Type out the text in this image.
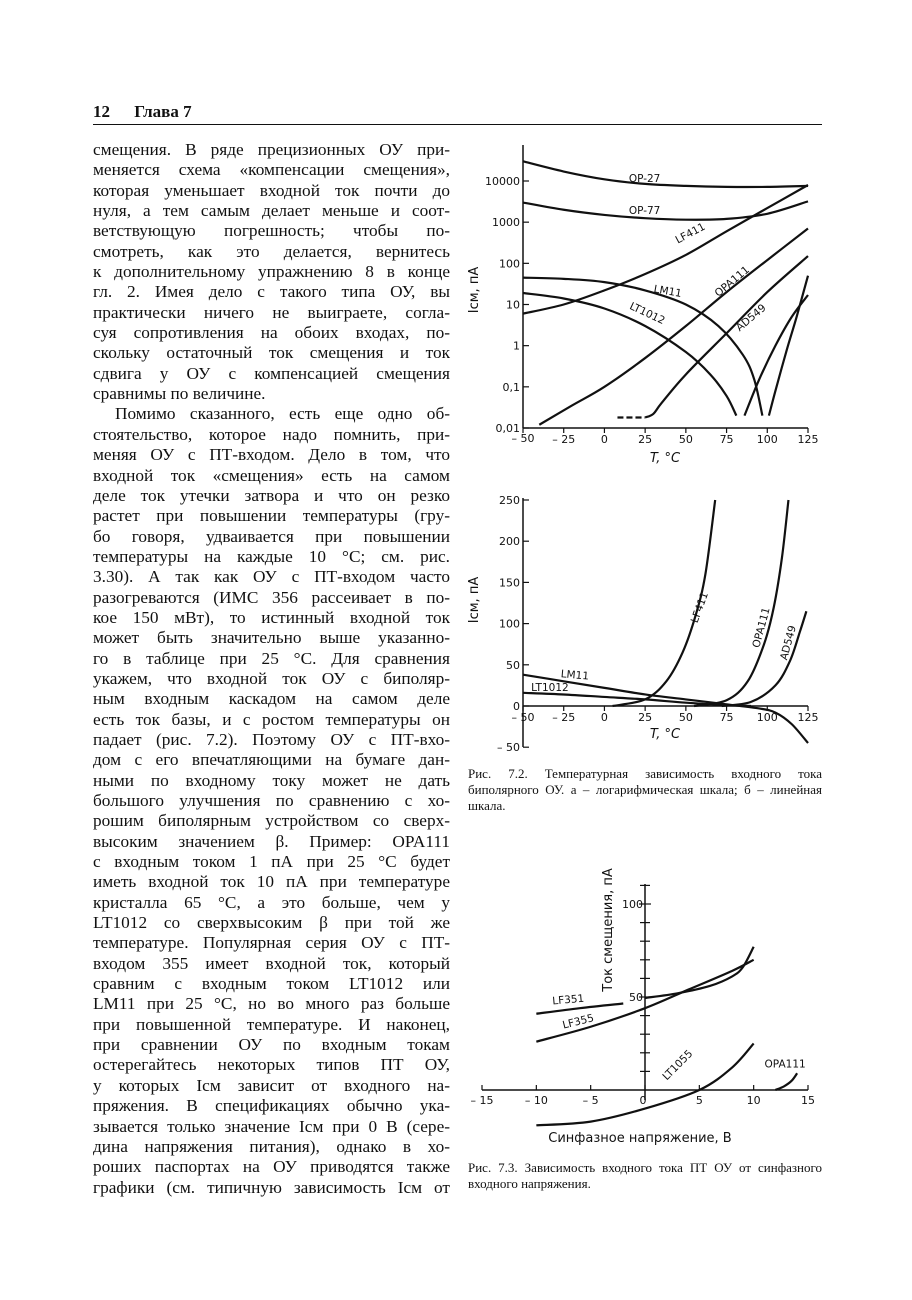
12 Глава 7
смещения. В ряде прецизионных ОУ при-
меняется схема «компенсации смещения»,
которая уменьшает входной ток почти до
нуля, а тем самым делает меньше и соот-
ветствующую погрешность; чтобы по-
смотреть, как это делается, вернитесь
к дополнительному упражнению 8 в конце
гл. 2. Имея дело с такого типа ОУ, вы
практически ничего не выиграете, согла-
суя сопротивления на обоих входах, по-
скольку остаточный ток смещения и ток
сдвига у ОУ с компенсацией смещения
сравнимы по величине.
Помимо сказанного, есть еще одно об-
стоятельство, которое надо помнить, при-
меняя ОУ с ПТ-входом. Дело в том, что
входной ток «смещения» есть на самом
деле ток утечки затвора и что он резко
растет при повышении температуры (гру-
бо говоря, удваивается при повышении
температуры на каждые 10 °C; см. рис.
3.30). А так как ОУ с ПТ-входом часто
разогреваются (ИМС 356 рассеивает в по-
кое 150 мВт), то истинный входной ток
может быть значительно выше указанно-
го в таблице при 25 °C. Для сравнения
укажем, что входной ток ОУ с биполяр-
ным входным каскадом на самом деле
есть ток базы, и с ростом температуры он
падает (рис. 7.2). Поэтому ОУ с ПТ-вхо-
дом с его впечатляющими на бумаге дан-
ными по входному току может не дать
большого улучшения по сравнению с хо-
рошим биполярным устройством со сверх-
высоким значением β. Пример: OPA111
с входным током 1 пА при 25 °C будет
иметь входной ток 10 пА при температуре
кристалла 65 °C, а это больше, чем у
LT1012 со сверхвысоким β при той же
температуре. Популярная серия ОУ с ПТ-
входом 355 имеет входной ток, который
сравним с входным током LT1012 или
LM11 при 25 °C, но во много раз больше
при повышенной температуре. И наконец,
при сравнении ОУ по входным токам
остерегайтесь некоторых типов ПТ ОУ,
у которых Iсм зависит от входного на-
пряжения. В спецификациях обычно ука-
зывается только значение Iсм при 0 В (сере-
дина напряжения питания), однако в хо-
роших паспортах на ОУ приводятся также
графики (см. типичную зависимость Iсм от
– 50 – 25 0	25 50 75 100 125
0,01
0,1
1
10
100
1000
10000
T, °C
Iсм, пА
OP-27
OP-77
LF411
LM11
LT1012
OPA111
AD549
– 50 – 25 0	25 50 75 100 125
– 50
0
50
100
150
200
250
T, °C
Iсм, пА	LF411	OPA111 AD549
LM11
LT1012
– 15	– 10	– 5	0	5	10	15
50
100
Синфазное напряжение, В
Ток смещения, пА
LF351
LF355
LT1055	OPA111
Рис. 7.2. Температурная зависимость входного тока биполярного ОУ. а – логарифмическая шкала; б – линейная шкала.
Рис. 7.3. Зависимость входного тока ПТ ОУ от синфазного входного напряжения.
